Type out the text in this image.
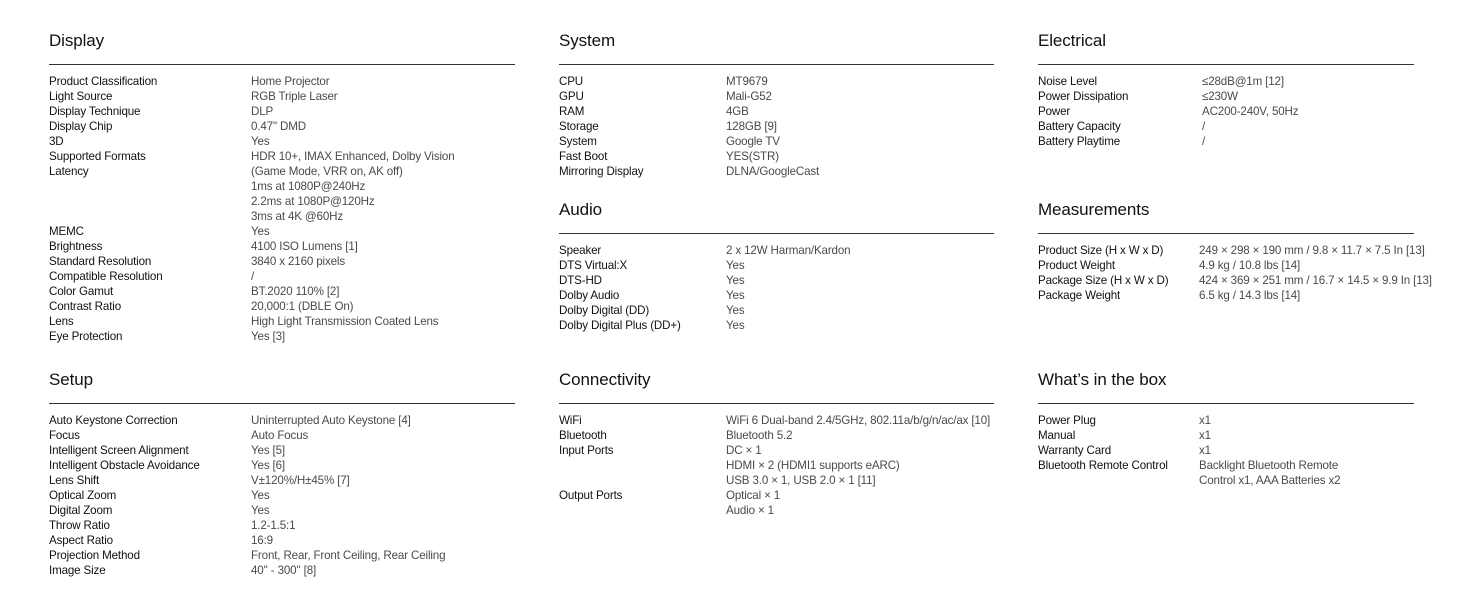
Display
Product Classification	Home Projector
Light Source	RGB Triple Laser
Display Technique	DLP
Display Chip	0.47" DMD
3D	Yes
Supported Formats	HDR 10+, IMAX Enhanced, Dolby Vision
Latency	(Game Mode, VRR on, AK off)
1ms at 1080P@240Hz
2.2ms at 1080P@120Hz
3ms at 4K @60Hz
MEMC	Yes
Brightness	4100 ISO Lumens [1]
Standard Resolution	3840 x 2160 pixels
Compatible Resolution	/
Color Gamut	BT.2020 110% [2]
Contrast Ratio	20,000:1 (DBLE On)
Lens	High Light Transmission Coated Lens
Eye Protection	Yes [3]
Setup
Auto Keystone Correction	Uninterrupted Auto Keystone [4]
Focus	Auto Focus
Intelligent Screen Alignment	Yes [5]
Intelligent Obstacle Avoidance	Yes [6]
Lens Shift	V±120%/H±45% [7]
Optical Zoom	Yes
Digital Zoom	Yes
Throw Ratio	1.2-1.5:1
Aspect Ratio	16:9
Projection Method	Front, Rear, Front Ceiling, Rear Ceiling
Image Size	40'' - 300'' [8]
System
CPU	MT9679
GPU	Mali-G52
RAM	4GB
Storage	128GB [9]
System	Google TV
Fast Boot	YES(STR)
Mirroring Display	DLNA/GoogleCast
Audio
Speaker	2 x 12W Harman/Kardon
DTS Virtual:X	Yes
DTS-HD	Yes
Dolby Audio	Yes
Dolby Digital (DD)	Yes
Dolby Digital Plus (DD+)	Yes
Connectivity
WiFi	WiFi 6 Dual-band 2.4/5GHz, 802.11a/b/g/n/ac/ax [10]
Bluetooth	Bluetooth 5.2
Input Ports	DC × 1
HDMI × 2 (HDMI1 supports eARC)
USB 3.0 × 1, USB 2.0 × 1 [11]
Output Ports	Optical × 1
Audio × 1
Electrical
Noise Level	≤28dB@1m [12]
Power Dissipation	≤230W
Power	AC200-240V, 50Hz
Battery Capacity	/
Battery Playtime	/
Measurements
Product Size (H x W x D)	249 × 298 × 190 mm / 9.8 × 11.7 × 7.5 In [13]
Product Weight	4.9 kg / 10.8 lbs [14]
Package Size (H x W x D)	424 × 369 × 251 mm / 16.7 × 14.5 × 9.9 In [13]
Package Weight	6.5 kg / 14.3 lbs [14]
What’s in the box
Power Plug	x1
Manual	x1
Warranty Card	x1
Bluetooth Remote Control	Backlight Bluetooth Remote
Control x1, AAA Batteries x2
